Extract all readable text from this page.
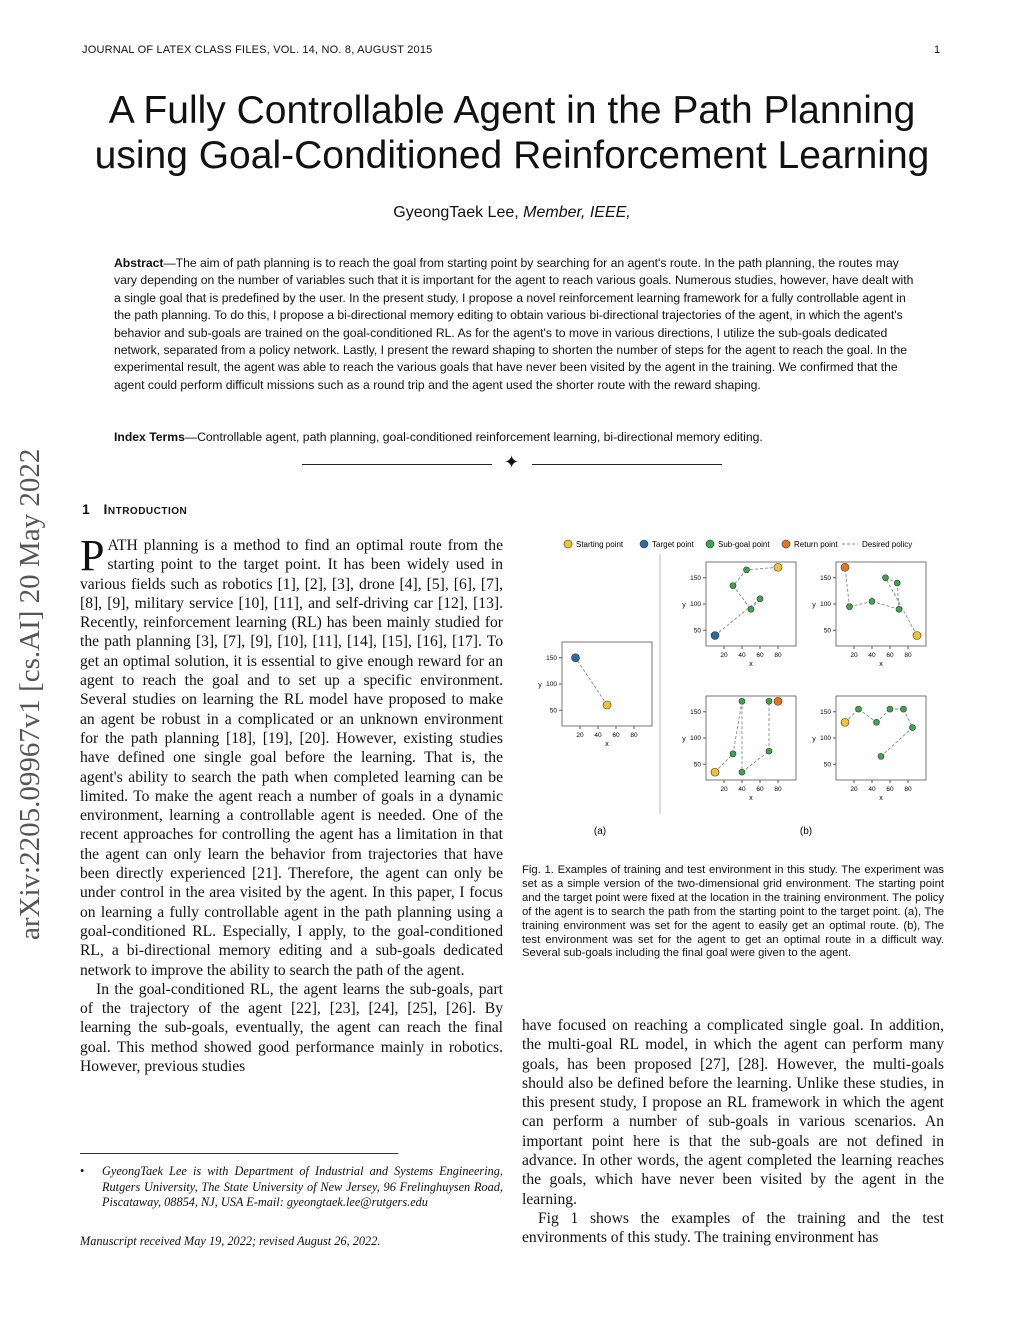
JOURNAL OF LATEX CLASS FILES, VOL. 14, NO. 8, AUGUST 2015	1
A Fully Controllable Agent in the Path Planning using Goal-Conditioned Reinforcement Learning
GyeongTaek Lee, Member, IEEE,
Abstract—The aim of path planning is to reach the goal from starting point by searching for an agent's route. In the path planning, the routes may vary depending on the number of variables such that it is important for the agent to reach various goals. Numerous studies, however, have dealt with a single goal that is predefined by the user. In the present study, I propose a novel reinforcement learning framework for a fully controllable agent in the path planning. To do this, I propose a bi-directional memory editing to obtain various bi-directional trajectories of the agent, in which the agent's behavior and sub-goals are trained on the goal-conditioned RL. As for the agent's to move in various directions, I utilize the sub-goals dedicated network, separated from a policy network. Lastly, I present the reward shaping to shorten the number of steps for the agent to reach the goal. In the experimental result, the agent was able to reach the various goals that have never been visited by the agent in the training. We confirmed that the agent could perform difficult missions such as a round trip and the agent used the shorter route with the reward shaping.
Index Terms—Controllable agent, path planning, goal-conditioned reinforcement learning, bi-directional memory editing.
✦
arXiv:2205.09967v1 [cs.AI] 20 May 2022	1 Introduction

PATH planning is a method to find an optimal route from the starting point to the target point. It has been widely used in various fields such as robotics [1], [2], [3], drone [4], [5], [6], [7], [8], [9], military service [10], [11], and self-driving car [12], [13]. Recently, reinforcement learning (RL) has been mainly studied for the path planning [3], [7], [9], [10], [11], [14], [15], [16], [17]. To get an optimal solution, it is essential to give enough reward for an agent to reach the goal and to set up a specific environment. Several studies on learning the RL model have proposed to make an agent be robust in a complicated or an unknown environment for the path planning [18], [19], [20]. However, existing studies have defined one single goal before the learning. That is, the agent's ability to search the path when completed learning can be limited. To make the agent reach a number of goals in a dynamic environment, learning a controllable agent is needed. One of the recent approaches for controlling the agent has a limitation in that the agent can only learn the behavior from trajectories that have been directly experienced [21]. Therefore, the agent can only be under control in the area visited by the agent. In this paper, I focus on learning a fully controllable agent in the path planning using a goal-conditioned RL. Especially, I apply, to the goal-conditioned RL, a bi-directional memory editing and a sub-goals dedicated network to improve the ability to search the path of the agent.

In the goal-conditioned RL, the agent learns the sub-goals, part of the trajectory of the agent [22], [23], [24], [25], [26]. By learning the sub-goals, eventually, the agent can reach the final goal. This method showed good performance mainly in robotics. However, previous studies

• GyeongTaek Lee is with Department of Industrial and Systems Engineering, Rutgers University, The State University of New Jersey, 96 Frelinghuysen Road, Piscataway, 08854, NJ, USA E-mail: gyeongtaek.lee@rutgers.edu
Manuscript received May 19, 2022; revised August 26, 2022.
Starting point	Target point	Sub-goal point	Return point	Desired policy
(a)	(b)
20 40 60 80
50
100
150
x
y
20 40 60 80
50
100
150
x
y
20 40 60 80
50
100
150
x
y
20 40 60 80
50
100
150
x
y
20 40 60 80
50
100
150
x
y
Fig. 1. Examples of training and test environment in this study. The experiment was set as a simple version of the two-dimensional grid environment. The starting point and the target point were fixed at the location in the training environment. The policy of the agent is to search the path from the starting point to the target point. (a), The training environment was set for the agent to easily get an optimal route. (b), The test environment was set for the agent to get an optimal route in a difficult way. Several sub-goals including the final goal were given to the agent.

have focused on reaching a complicated single goal. In addition, the multi-goal RL model, in which the agent can perform many goals, has been proposed [27], [28]. However, the multi-goals should also be defined before the learning. Unlike these studies, in this present study, I propose an RL framework in which the agent can perform a number of sub-goals in various scenarios. An important point here is that the sub-goals are not defined in advance. In other words, the agent completed the learning reaches the goals, which have never been visited by the agent in the learning.

Fig 1 shows the examples of the training and the test environments of this study. The training environment has
